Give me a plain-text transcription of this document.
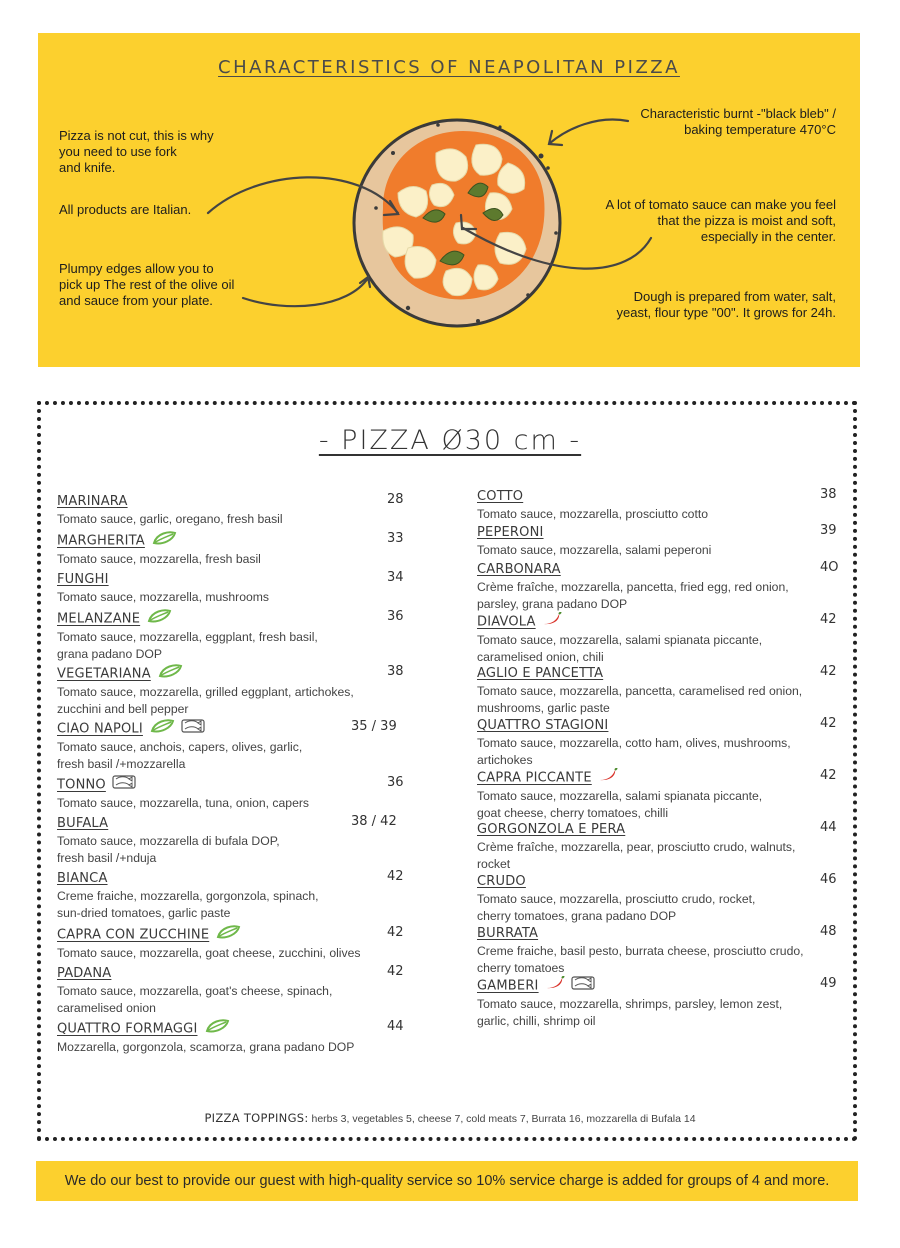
CHARACTERISTICS OF NEAPOLITAN PIZZA
Pizza is not cut, this is why
you need to use fork
and knife.
All products are Italian.
Plumpy edges allow you to
pick up The rest of the olive oil
and sauce from your plate.
Characteristic burnt -"black bleb" /
baking temperature 470°C
A lot of tomato sauce can make you feel
that the pizza is moist and soft,
especially in the center.
Dough is prepared from water, salt,
yeast, flour type "00". It grows for 24h.
- PIZZA Ø30 cm -
MARINARA	28
Tomato sauce, garlic, oregano, fresh basil
MARGHERITA	33
Tomato sauce, mozzarella, fresh basil
FUNGHI	34
Tomato sauce, mozzarella, mushrooms
MELANZANE	36
Tomato sauce, mozzarella, eggplant, fresh basil,
grana padano DOP
VEGETARIANA	38
Tomato sauce, mozzarella, grilled eggplant, artichokes,
zucchini and bell pepper
CIAO NAPOLI	35 / 39
Tomato sauce, anchois, capers, olives, garlic,
fresh basil /+mozzarella
TONNO	36
Tomato sauce, mozzarella, tuna, onion, capers
BUFALA	38 / 42
Tomato sauce, mozzarella di bufala DOP,
fresh basil /+nduja
BIANCA	42
Creme fraiche, mozzarella, gorgonzola, spinach,
sun-dried tomatoes, garlic paste
CAPRA CON ZUCCHINE	42
Tomato sauce, mozzarella, goat cheese, zucchini, olives
PADANA	42
Tomato sauce, mozzarella, goat's cheese, spinach,
caramelised onion
QUATTRO FORMAGGI	44
Mozzarella, gorgonzola, scamorza, grana padano DOP
COTTO	38
Tomato sauce, mozzarella, prosciutto cotto
PEPERONI	39
Tomato sauce, mozzarella, salami peperoni
CARBONARA	4O
Crème fraîche, mozzarella, pancetta, fried egg, red onion,
parsley, grana padano DOP
DIAVOLA	42
Tomato sauce, mozzarella, salami spianata piccante,
caramelised onion, chili
AGLIO E PANCETTA	42
Tomato sauce, mozzarella, pancetta, caramelised red onion,
mushrooms, garlic paste
QUATTRO STAGIONI	42
Tomato sauce, mozzarella, cotto ham, olives, mushrooms,
artichokes
CAPRA PICCANTE	42
Tomato sauce, mozzarella, salami spianata piccante,
goat cheese, cherry tomatoes, chilli
GORGONZOLA E PERA	44
Crème fraîche, mozzarella, pear, prosciutto crudo, walnuts,
rocket
CRUDO	46
Tomato sauce, mozzarella, prosciutto crudo, rocket,
cherry tomatoes, grana padano DOP
BURRATA	48
Creme fraiche, basil pesto, burrata cheese, prosciutto crudo,
cherry tomatoes
GAMBERI	49
Tomato sauce, mozzarella, shrimps, parsley, lemon zest,
garlic, chilli, shrimp oil
PIZZA TOPPINGS: herbs 3, vegetables 5, cheese 7, cold meats 7, Burrata 16, mozzarella di Bufala 14
We do our best to provide our guest with high-quality service so 10% service charge is added for groups of 4 and more.
